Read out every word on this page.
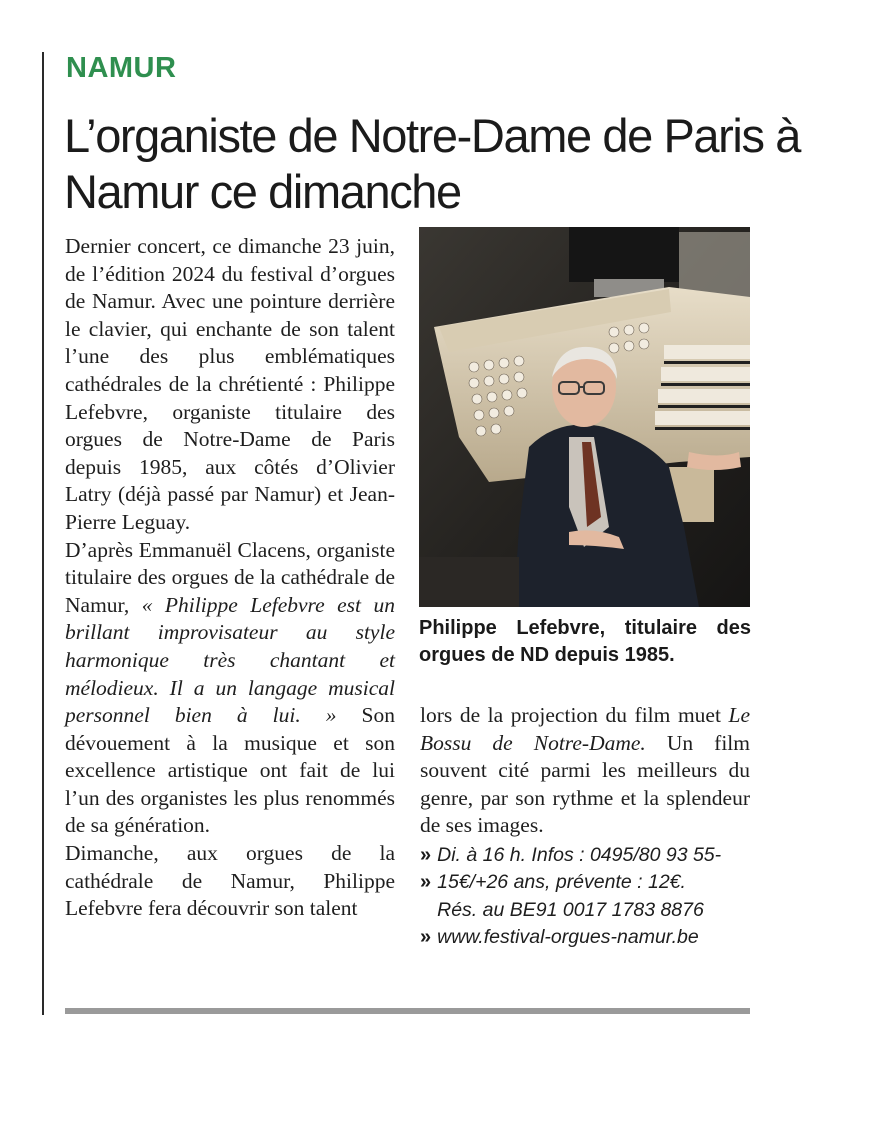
NAMUR
L’organiste de Notre-Dame de Paris à Namur ce dimanche

Dernier concert, ce dimanche 23 juin, de l’édition 2024 du festival d’orgues de Namur. Avec une pointure derrière le clavier, qui enchante de son talent l’une des plus emblématiques cathédrales de la chrétienté : Philippe Lefebvre, organiste titulaire des orgues de Notre-Dame de Paris depuis 1985, aux côtés d’Olivier Latry (déjà passé par Namur) et Jean-Pierre Leguay.

D’après Emmanuël Clacens, organiste titulaire des orgues de la cathédrale de Namur, « Philippe Lefebvre est un brillant improvisateur au style harmonique très chantant et mélodieux. Il a un langage musical personnel bien à lui. » Son dévouement à la musique et son excellence artistique ont fait de lui l’un des organistes les plus renommés de sa génération.

Dimanche, aux orgues de la cathédrale de Namur, Philippe Lefebvre fera découvrir son talent

Philippe Lefebvre, titulaire des orgues de ND depuis 1985.

lors de la projection du film muet Le Bossu de Notre-Dame. Un film souvent cité parmi les meilleurs du genre, par son rythme et la splendeur de ses images.

» Di. à 16 h. Infos : 0495/80 93 55-
» 15€/+26 ans, prévente : 12€.
Rés. au BE91 0017 1783 8876
» www.festival-orgues-namur.be
